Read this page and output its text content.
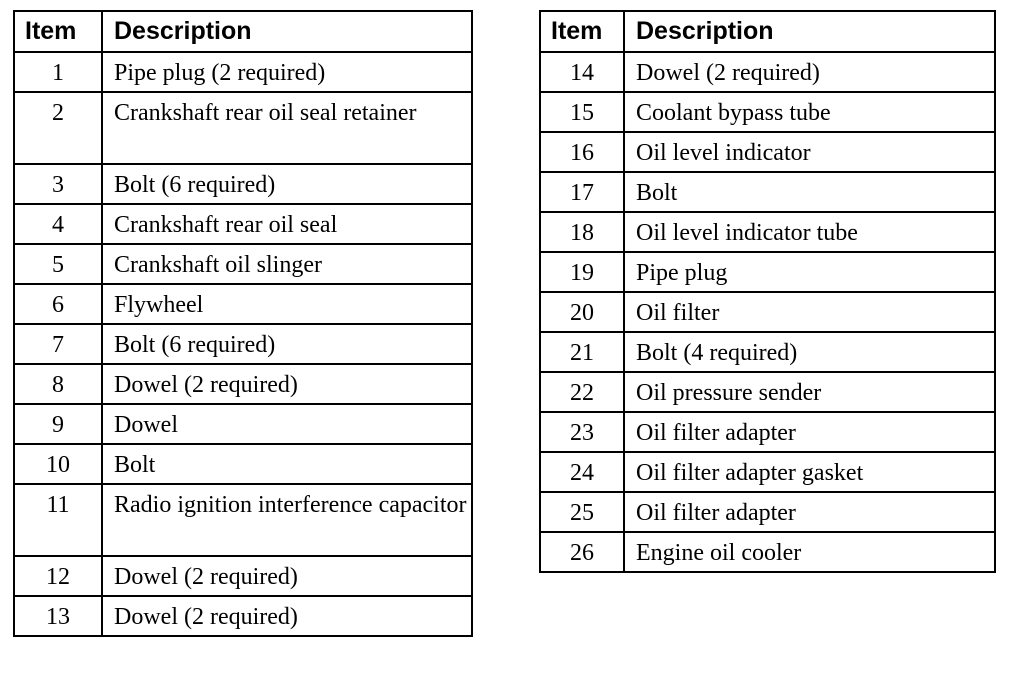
Item	Description
1	Pipe plug (2 required)
2	Crankshaft rear oil seal retainer
3	Bolt (6 required)
4	Crankshaft rear oil seal
5	Crankshaft oil slinger
6	Flywheel
7	Bolt (6 required)
8	Dowel (2 required)
9	Dowel
10	Bolt
11	Radio ignition interference capacitor
12	Dowel (2 required)
13	Dowel (2 required)
Item	Description
14	Dowel (2 required)
15	Coolant bypass tube
16	Oil level indicator
17	Bolt
18	Oil level indicator tube
19	Pipe plug
20	Oil filter
21	Bolt (4 required)
22	Oil pressure sender
23	Oil filter adapter
24	Oil filter adapter gasket
25	Oil filter adapter
26	Engine oil cooler
